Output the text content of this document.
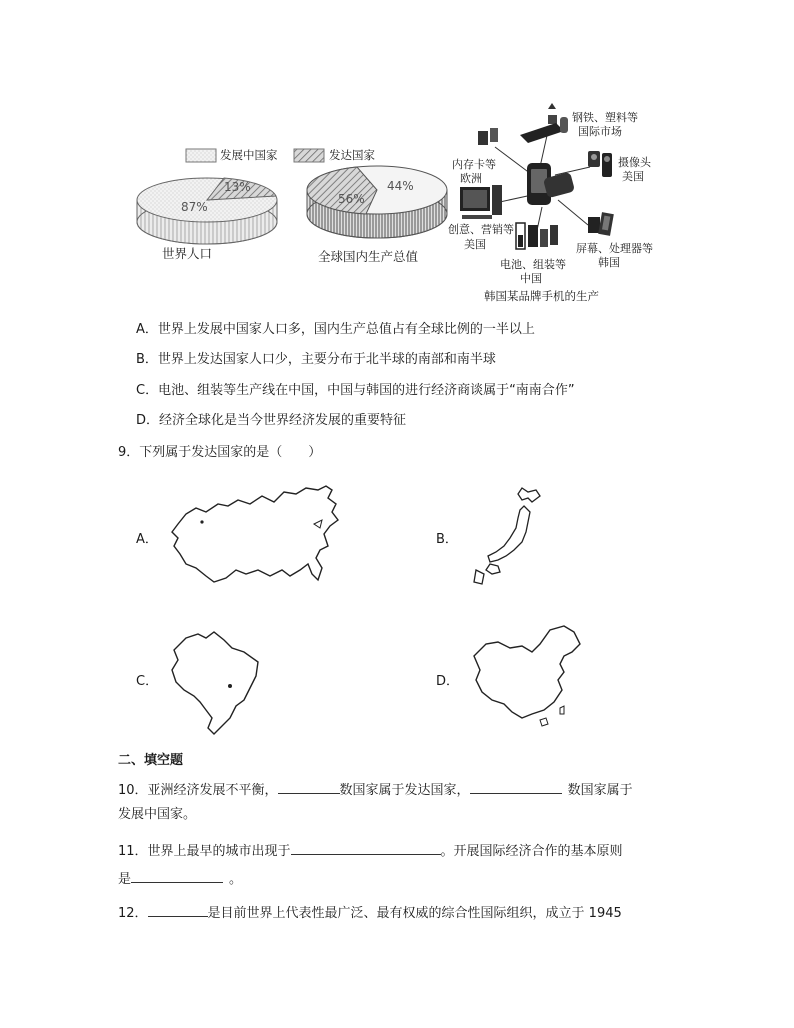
发展中国家	发达国家
13%
87%
44%
56%
世界人口	全球国内生产总值
钢铁、塑料等
国际市场
内存卡等
欧洲
摄像头
美国
创意、营销等
美国	屏幕、处理器等
韩国
电池、组装等
中国
韩国某品牌手机的生产
A．世界上发展中国家人口多，国内生产总值占有全球比例的一半以上
B．世界上发达国家人口少，主要分布于北半球的南部和南半球
C．电池、组装等生产线在中国，中国与韩国的进行经济商谈属于“南南合作”
D．经济全球化是当今世界经济发展的重要特征
9．下列属于发达国家的是（　　）
A．	B．
C．	D．
二、填空题
10．亚洲经济发展不平衡，	数国家属于发达国家，	数国家属于
发展中国家。
11．世界上最早的城市出现于	。开展国际经济合作的基本原则
是	。
12．	是目前世界上代表性最广泛、最有权威的综合性国际组织，成立于 1945
